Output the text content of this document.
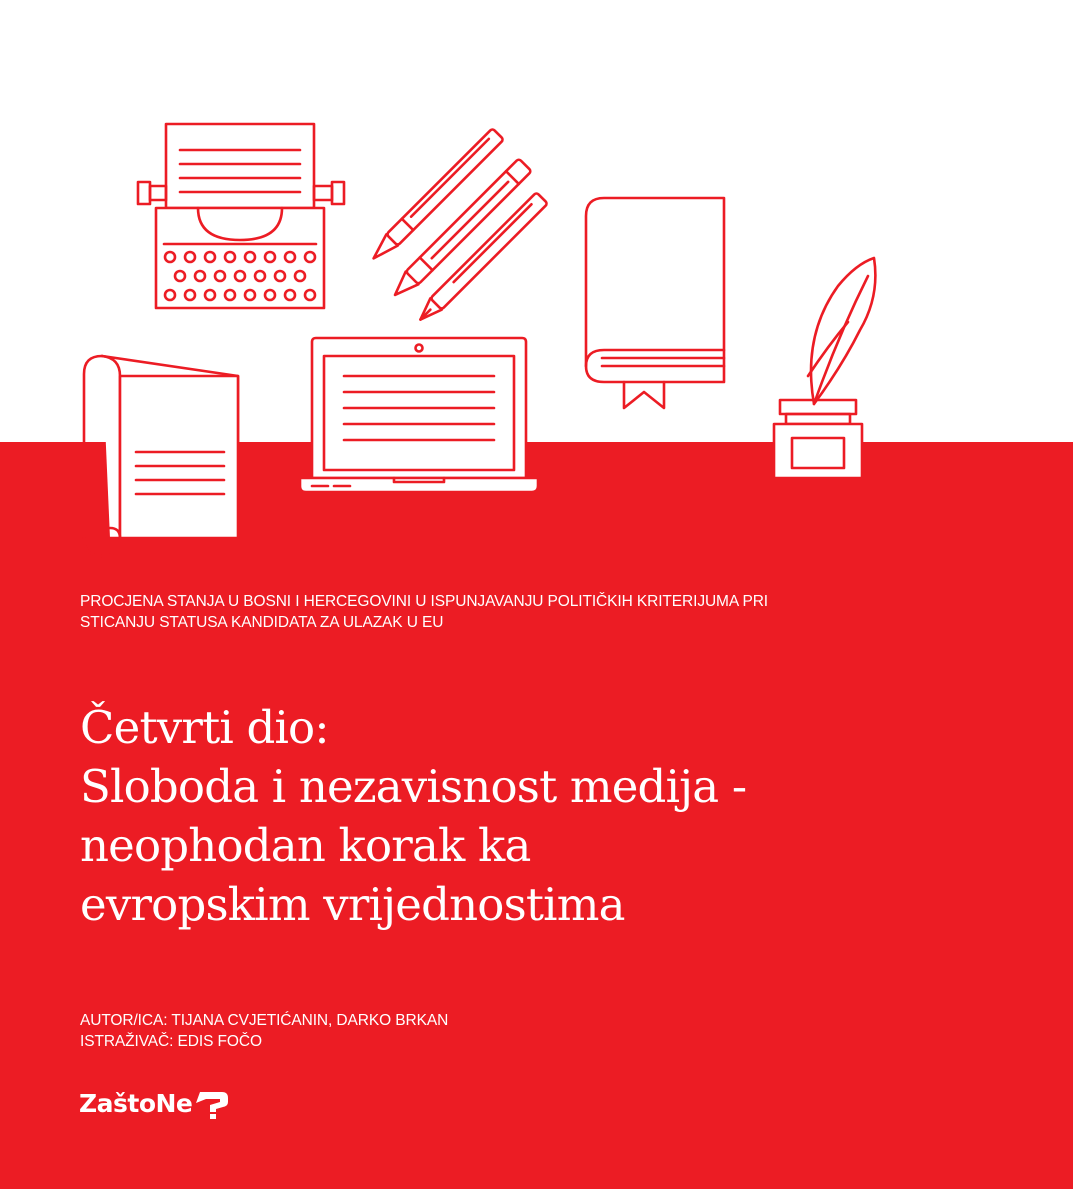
PROCJENA STANJA U BOSNI I HERCEGOVINI U ISPUNJAVANJU POLITIČKIH KRITERIJUMA PRI
STICANJU STATUSA KANDIDATA ZA ULAZAK U EU
Četvrti dio:
Sloboda i nezavisnost medija -
neophodan korak ka
evropskim vrijednostima
AUTOR/ICA: TIJANA CVJETIĆANIN, DARKO BRKAN
ISTRAŽIVAČ: EDIS FOČO
ZaštoNe
